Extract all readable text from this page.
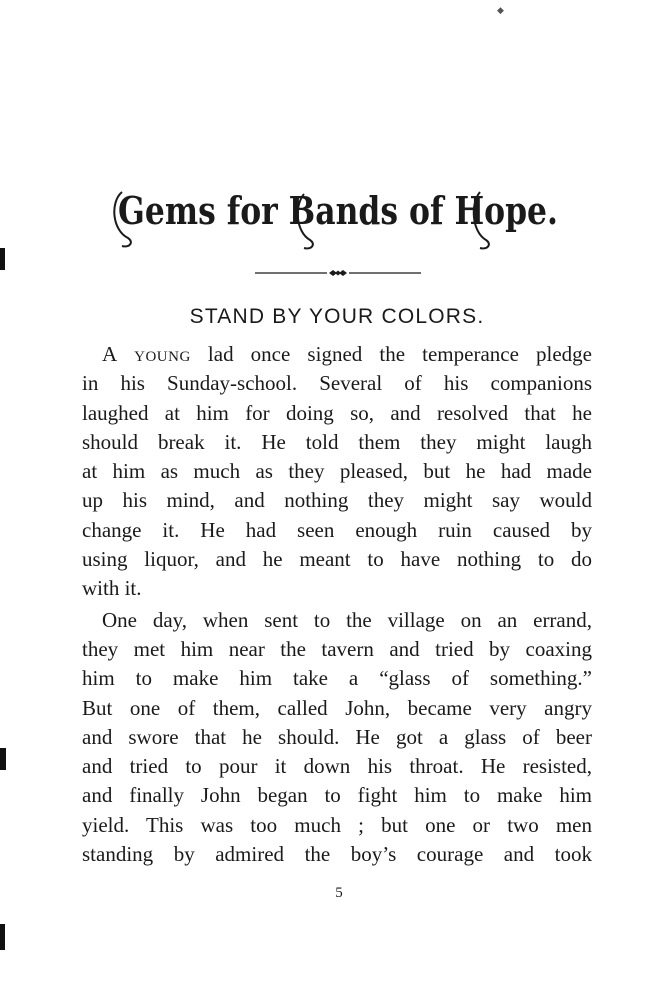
◆
Gems for Bands of Hope.
STAND BY YOUR COLORS.
A young lad once signed the temperance pledge
in his Sunday-school. Several of his companions
laughed at him for doing so, and resolved that he
should break it. He told them they might laugh
at him as much as they pleased, but he had made
up his mind, and nothing they might say would
change it. He had seen enough ruin caused by
using liquor, and he meant to have nothing to do
with it.
One day, when sent to the village on an errand,
they met him near the tavern and tried by coaxing
him to make him take a “glass of something.”
But one of them, called John, became very angry
and swore that he should. He got a glass of beer
and tried to pour it down his throat. He resisted,
and finally John began to fight him to make him
yield. This was too much ; but one or two men
standing by admired the boy’s courage and took
5
